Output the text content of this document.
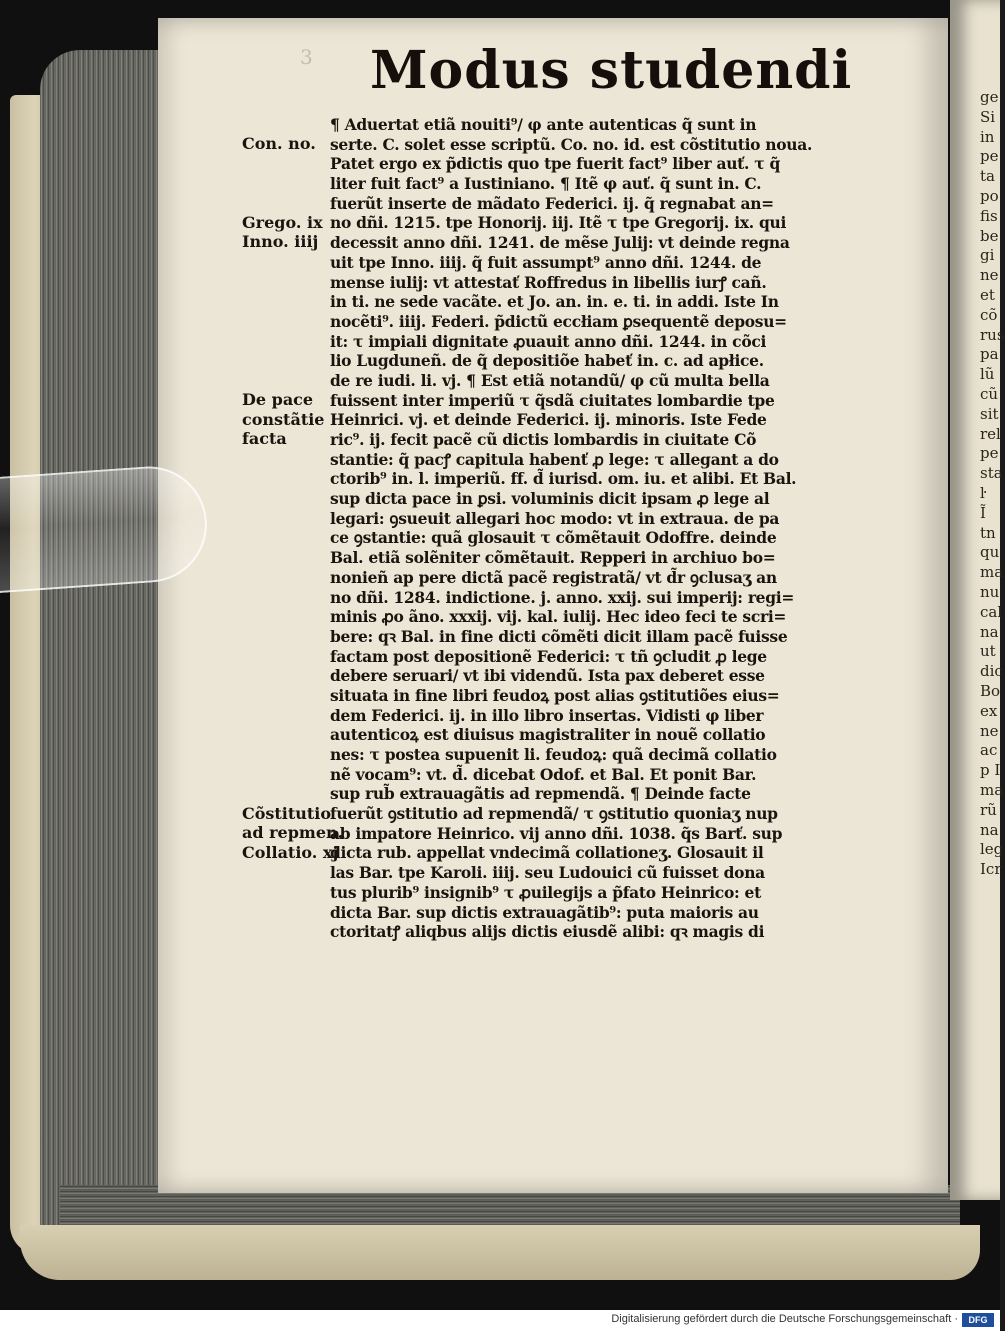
ge
Si
in
pe
ta
po
fis
be
gi
ne
et
cõ
rus
pa
lũ
cũ
sit
rel
pe
sta
ŀ
Ĩ
tn
qu
ma
nu
cal
na
ut
dic
Bo
ex
ne
ac
p I
ma
rũ
na
leg
Icr
3 Modus studendi
¶ Aduertat etiã nouiti⁹/ φ ante autenticas q̃ sunt in
serte. C. solet esse scriptũ. Co. no. id. est cõstitutio noua.
Patet ergo ex p̃dictis quo tpe fuerit fact⁹ liber auť. τ q̃
liter fuit fact⁹ a Iustiniano. ¶ Itẽ φ auť. q̃ sunt in. C.
fuerũt inserte de mãdato Federici. ij. q̃ regnabat an=
no dñi. 1215. tpe Honorij. iij. Itẽ τ tpe Gregorij. ix. qui
decessit anno dñi. 1241. de mẽse Julij: vt deinde regna
uit tpe Inno. iiij. q̃ fuit assumpt⁹ anno dñi. 1244. de
mense iulij: vt attestať Roffredus in libellis iurꝭ cañ.
in ti. ne sede vacãte. et Jo. an. in. e. ti. in addi. Iste In
nocẽti⁹. iiij. Federi. p̃dictũ eccłiam ꝑsequentẽ deposu=
it: τ impiali dignitate ꝓuauit anno dñi. 1244. in cõci
lio Lugduneñ. de q̃ depositiõe habeť in. c. ad apłice.
de re iudi. li. vj. ¶ Est etiã notandũ/ φ cũ multa bella
fuissent inter imperiũ τ q̃sdã ciuitates lombardie tpe
Heinrici. vj. et deinde Federici. ij. minoris. Iste Fede
ric⁹. ij. fecit pacẽ cũ dictis lombardis in ciuitate Cõ
stantie: q̃ pacꝭ capitula habenť ꝓ lege: τ allegant a do
ctorib⁹ in. l. imperiũ. ff. d̃ iurisd. om. iu. et alibi. Et Bal.
sup dicta pace in ꝑsi. voluminis dicit ipsam ꝓ lege al
legari: ꝯsueuit allegari hoc modo: vt in extraua. de pa
ce ꝯstantie: quã glosauit τ cõmẽtauit Odoffre. deinde
Bal. etiã solẽniter cõmẽtauit. Repperi in archiuo bo=
nonieñ ap pere dictã pacẽ registratã/ vt d̃r ꝯclusaʒ an
no dñi. 1284. indictione. j. anno. xxij. sui imperij: regi=
minis ꝓo ãno. xxxij. vij. kal. iulij. Hec ideo feci te scri=
bere: qꝛ Bal. in fine dicti cõmẽti dicit illam pacẽ fuisse
factam post depositionẽ Federici: τ tñ ꝯcludit ꝓ lege
debere seruari/ vt ibi videndũ. Ista pax deberet esse
situata in fine libri feudoꝝ post alias ꝯstitutiões eius=
dem Federici. ij. in illo libro insertas. Vidisti φ liber
autenticoꝝ est diuisus magistraliter in nouẽ collatio
nes: τ postea supuenit li. feudoꝝ: quã decimã collatio
nẽ vocam⁹: vt. d̃. dicebat Odof. et Bal. Et ponit Bar.
sup rub̃ extrauagãtis ad repmendã. ¶ Deinde facte
fuerũt ꝯstitutio ad repmendã/ τ ꝯstitutio quoniaʒ nup
ab impatore Heinrico. vij anno dñi. 1038. q̃s Barť. sup
dicta rub. appellat vndecimã collationeʒ. Glosauit il
las Bar. tpe Karoli. iiij. seu Ludouici cũ fuisset dona
tus plurib⁹ insignib⁹ τ ꝓuilegijs a p̃fato Heinrico: et
dicta Bar. sup dictis extrauagãtib⁹: puta maioris au
ctoritatꝭ aliqbus alijs dictis eiusdẽ alibi: qꝛ magis di
Con. no.
Grego. ix
Inno. iiij
De pace
constãtie
facta
Cõstitutio
ad repmen.
Collatio. xj
Digitalisierung gefördert durch die Deutsche Forschungsgemeinschaft ·	DFG
